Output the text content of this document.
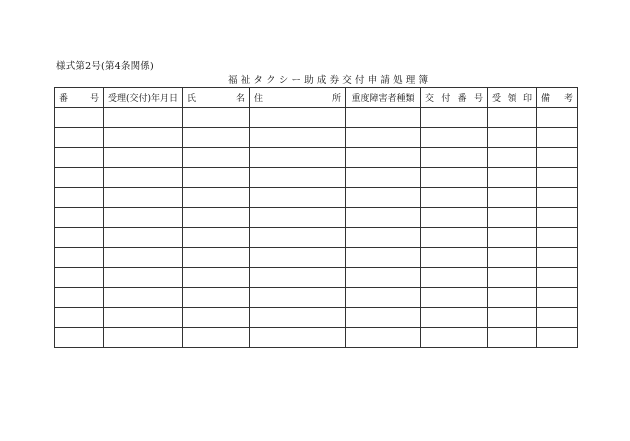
様式第2号(第4条関係)
福祉タクシー助成券交付申請処理簿
番 号	受理(交付)年月日	氏 名	住 所	重度障害者種類	交 付 番 号	受 領 印	備 考
